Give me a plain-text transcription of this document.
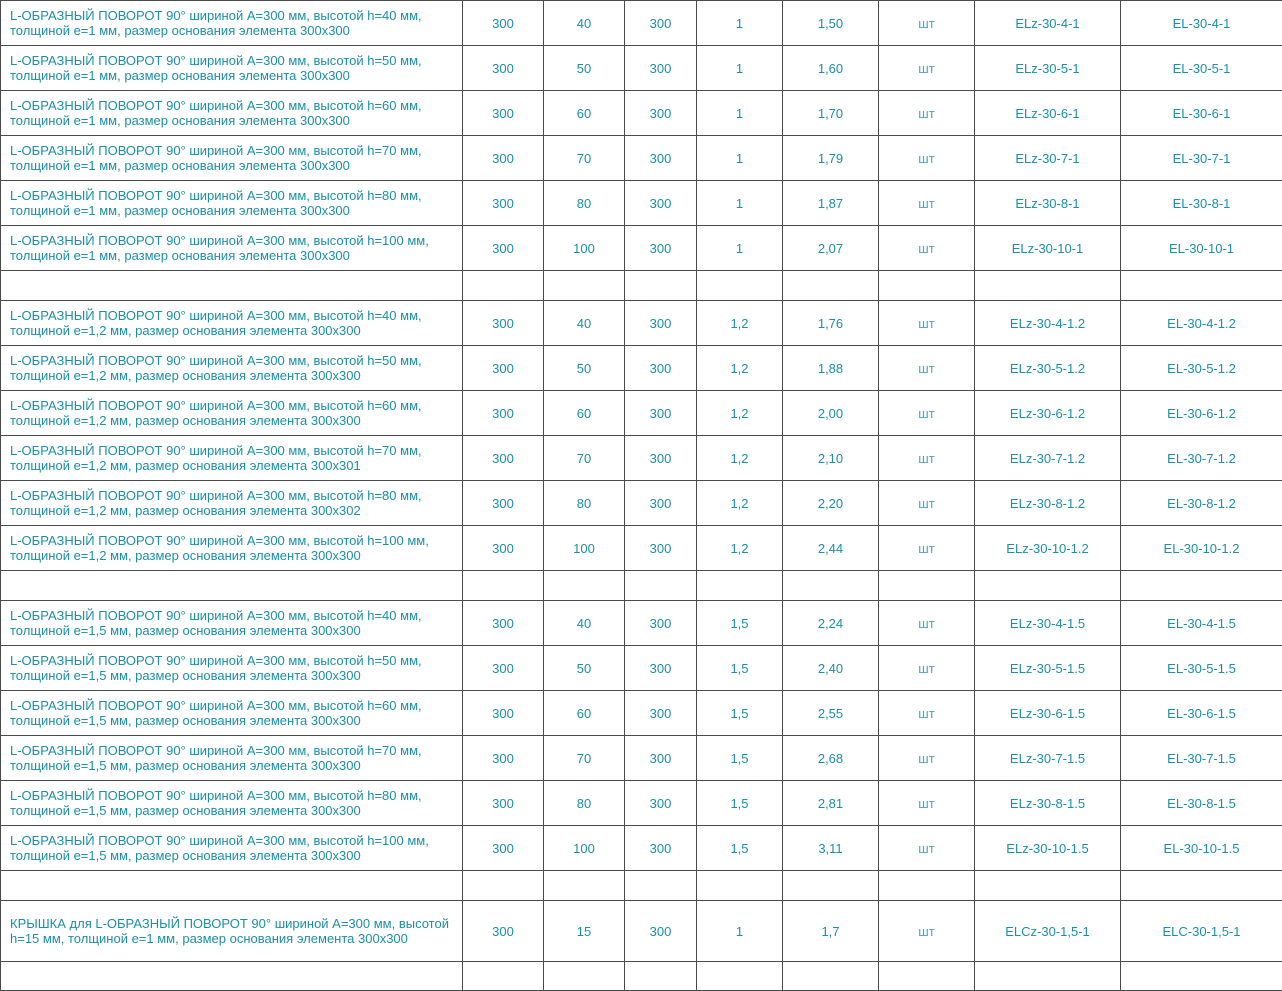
L-ОБРАЗНЫЙ ПОВОРОТ 90° шириной А=300 мм, высотой h=40 мм, толщиной е=1 мм, размер основания элемента 300х300	300	40	300	1	1,50	шт	ELz-30-4-1	EL-30-4-1
L-ОБРАЗНЫЙ ПОВОРОТ 90° шириной А=300 мм, высотой h=50 мм, толщиной е=1 мм, размер основания элемента 300х300	300	50	300	1	1,60	шт	ELz-30-5-1	EL-30-5-1
L-ОБРАЗНЫЙ ПОВОРОТ 90° шириной А=300 мм, высотой h=60 мм, толщиной е=1 мм, размер основания элемента 300х300	300	60	300	1	1,70	шт	ELz-30-6-1	EL-30-6-1
L-ОБРАЗНЫЙ ПОВОРОТ 90° шириной А=300 мм, высотой h=70 мм, толщиной е=1 мм, размер основания элемента 300х300	300	70	300	1	1,79	шт	ELz-30-7-1	EL-30-7-1
L-ОБРАЗНЫЙ ПОВОРОТ 90° шириной А=300 мм, высотой h=80 мм, толщиной е=1 мм, размер основания элемента 300х300	300	80	300	1	1,87	шт	ELz-30-8-1	EL-30-8-1
L-ОБРАЗНЫЙ ПОВОРОТ 90° шириной А=300 мм, высотой h=100 мм, толщиной е=1 мм, размер основания элемента 300х300	300	100	300	1	2,07	шт	ELz-30-10-1	EL-30-10-1

L-ОБРАЗНЫЙ ПОВОРОТ 90° шириной А=300 мм, высотой h=40 мм, толщиной е=1,2 мм, размер основания элемента 300х300	300	40	300	1,2	1,76	шт	ELz-30-4-1.2	EL-30-4-1.2
L-ОБРАЗНЫЙ ПОВОРОТ 90° шириной А=300 мм, высотой h=50 мм, толщиной е=1,2 мм, размер основания элемента 300х300	300	50	300	1,2	1,88	шт	ELz-30-5-1.2	EL-30-5-1.2
L-ОБРАЗНЫЙ ПОВОРОТ 90° шириной А=300 мм, высотой h=60 мм, толщиной е=1,2 мм, размер основания элемента 300х300	300	60	300	1,2	2,00	шт	ELz-30-6-1.2	EL-30-6-1.2
L-ОБРАЗНЫЙ ПОВОРОТ 90° шириной А=300 мм, высотой h=70 мм, толщиной е=1,2 мм, размер основания элемента 300х301	300	70	300	1,2	2,10	шт	ELz-30-7-1.2	EL-30-7-1.2
L-ОБРАЗНЫЙ ПОВОРОТ 90° шириной А=300 мм, высотой h=80 мм, толщиной е=1,2 мм, размер основания элемента 300х302	300	80	300	1,2	2,20	шт	ELz-30-8-1.2	EL-30-8-1.2
L-ОБРАЗНЫЙ ПОВОРОТ 90° шириной А=300 мм, высотой h=100 мм, толщиной е=1,2 мм, размер основания элемента 300х300	300	100	300	1,2	2,44	шт	ELz-30-10-1.2	EL-30-10-1.2

L-ОБРАЗНЫЙ ПОВОРОТ 90° шириной А=300 мм, высотой h=40 мм, толщиной е=1,5 мм, размер основания элемента 300х300	300	40	300	1,5	2,24	шт	ELz-30-4-1.5	EL-30-4-1.5
L-ОБРАЗНЫЙ ПОВОРОТ 90° шириной А=300 мм, высотой h=50 мм, толщиной е=1,5 мм, размер основания элемента 300х300	300	50	300	1,5	2,40	шт	ELz-30-5-1.5	EL-30-5-1.5
L-ОБРАЗНЫЙ ПОВОРОТ 90° шириной А=300 мм, высотой h=60 мм, толщиной е=1,5 мм, размер основания элемента 300х300	300	60	300	1,5	2,55	шт	ELz-30-6-1.5	EL-30-6-1.5
L-ОБРАЗНЫЙ ПОВОРОТ 90° шириной А=300 мм, высотой h=70 мм, толщиной е=1,5 мм, размер основания элемента 300х300	300	70	300	1,5	2,68	шт	ELz-30-7-1.5	EL-30-7-1.5
L-ОБРАЗНЫЙ ПОВОРОТ 90° шириной А=300 мм, высотой h=80 мм, толщиной е=1,5 мм, размер основания элемента 300х300	300	80	300	1,5	2,81	шт	ELz-30-8-1.5	EL-30-8-1.5
L-ОБРАЗНЫЙ ПОВОРОТ 90° шириной А=300 мм, высотой h=100 мм, толщиной е=1,5 мм, размер основания элемента 300х300	300	100	300	1,5	3,11	шт	ELz-30-10-1.5	EL-30-10-1.5

КРЫШКА для L-ОБРАЗНЫЙ ПОВОРОТ 90° шириной А=300 мм, высотой h=15 мм, толщиной е=1 мм, размер основания элемента 300х300	300	15	300	1	1,7	шт	ELCz-30-1,5-1	ELC-30-1,5-1
